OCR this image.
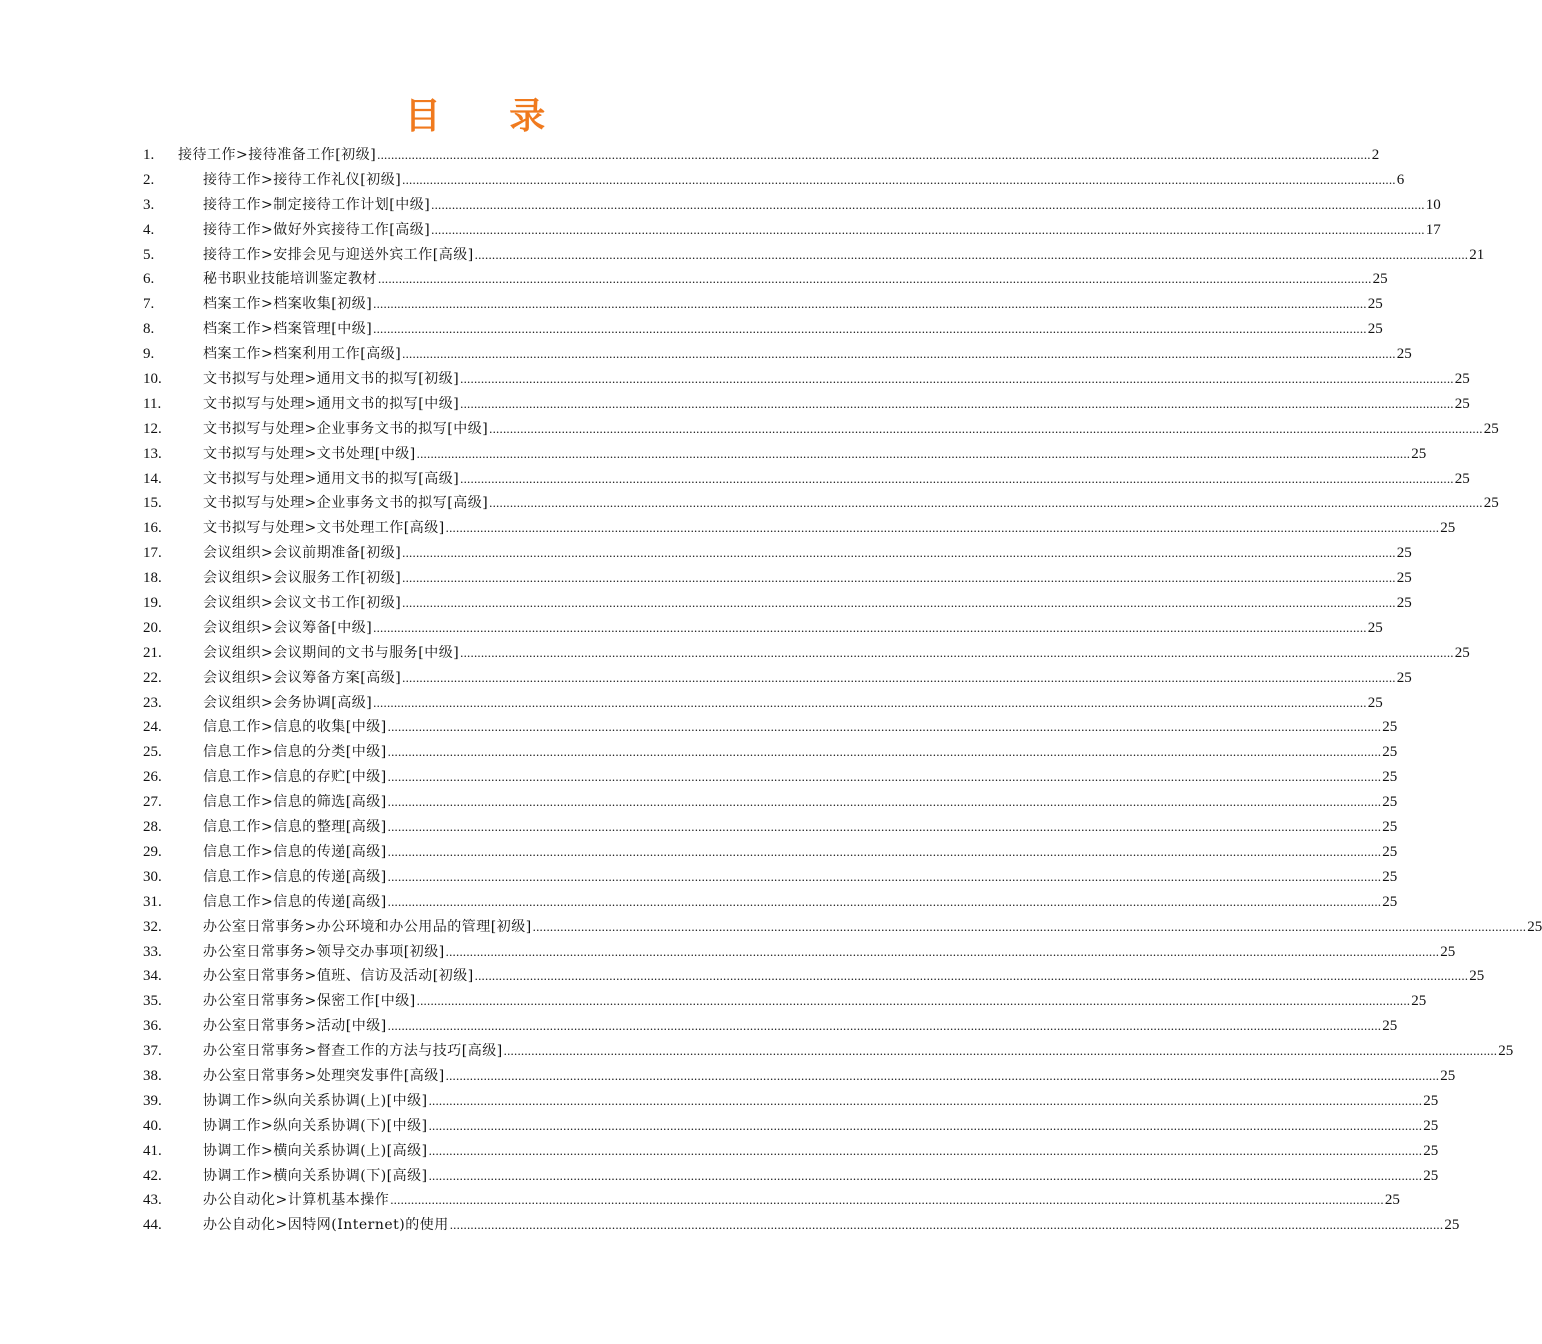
目 录
1.	接待工作>接待准备工作[初级] .....	2
2.	接待工作>接待工作礼仪[初级] .....	6
3.	接待工作>制定接待工作计划[中级] .....	10
4.	接待工作>做好外宾接待工作[高级] .....	17
5.	接待工作>安排会见与迎送外宾工作[高级] .....	21
6.	秘书职业技能培训鉴定教材 .....	25
7.	档案工作>档案收集[初级] .....	25
8.	档案工作>档案管理[中级] .....	25
9.	档案工作>档案利用工作[高级] .....	25
10.	文书拟写与处理>通用文书的拟写[初级] .....	25
11.	文书拟写与处理>通用文书的拟写[中级] .....	25
12.	文书拟写与处理>企业事务文书的拟写[中级] .....	25
13.	文书拟写与处理>文书处理[中级] .....	25
14.	文书拟写与处理>通用文书的拟写[高级] .....	25
15.	文书拟写与处理>企业事务文书的拟写[高级] .....	25
16.	文书拟写与处理>文书处理工作[高级] .....	25
17.	会议组织>会议前期准备[初级] .....	25
18.	会议组织>会议服务工作[初级] .....	25
19.	会议组织>会议文书工作[初级] .....	25
20.	会议组织>会议筹备[中级] .....	25
21.	会议组织>会议期间的文书与服务[中级] .....	25
22.	会议组织>会议筹备方案[高级] .....	25
23.	会议组织>会务协调[高级] .....	25
24.	信息工作>信息的收集[中级] .....	25
25.	信息工作>信息的分类[中级] .....	25
26.	信息工作>信息的存贮[中级] .....	25
27.	信息工作>信息的筛选[高级] .....	25
28.	信息工作>信息的整理[高级] .....	25
29.	信息工作>信息的传递[高级] .....	25
30.	信息工作>信息的传递[高级] .....	25
31.	信息工作>信息的传递[高级] .....	25
32.	办公室日常事务>办公环境和办公用品的管理[初级] .....	25
33.	办公室日常事务>领导交办事项[初级] .....	25
34.	办公室日常事务>值班、信访及活动[初级] .....	25
35.	办公室日常事务>保密工作[中级] .....	25
36.	办公室日常事务>活动[中级] .....	25
37.	办公室日常事务>督查工作的方法与技巧[高级] .....	25
38.	办公室日常事务>处理突发事件[高级] .....	25
39.	协调工作>纵向关系协调(上)[中级] .....	25
40.	协调工作>纵向关系协调(下)[中级] .....	25
41.	协调工作>横向关系协调(上)[高级] .....	25
42.	协调工作>横向关系协调(下)[高级] .....	25
43.	办公自动化>计算机基本操作 .....	25
44.	办公自动化>因特网(Internet)的使用 .....	25
